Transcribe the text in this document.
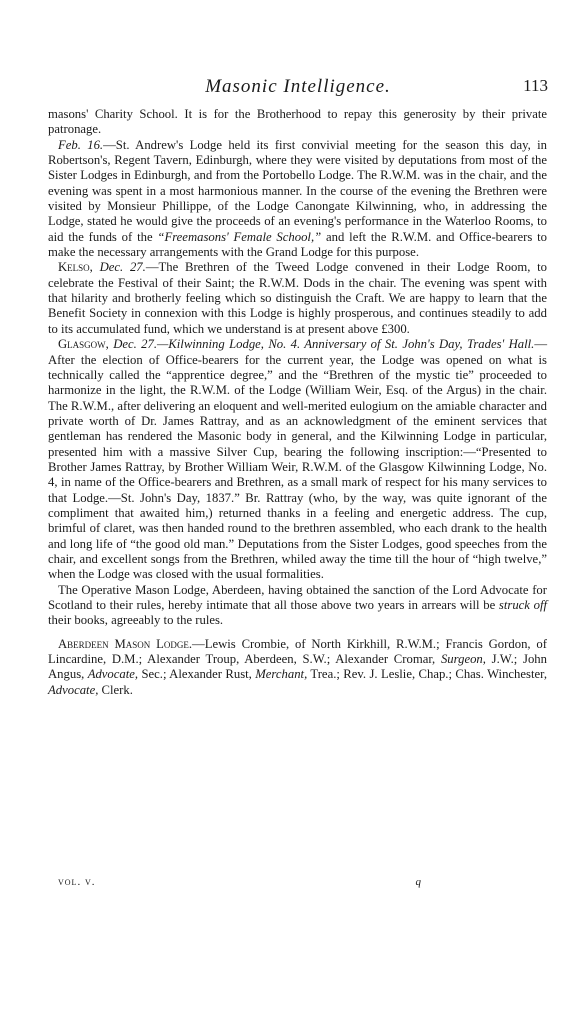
Masonic Intelligence.	113

masons' Charity School. It is for the Brotherhood to repay this generosity by their private patronage.

Feb. 16.—St. Andrew's Lodge held its first convivial meeting for the season this day, in Robertson's, Regent Tavern, Edinburgh, where they were visited by deputations from most of the Sister Lodges in Edinburgh, and from the Portobello Lodge. The R.W.M. was in the chair, and the evening was spent in a most harmonious manner. In the course of the evening the Brethren were visited by Monsieur Phillippe, of the Lodge Canongate Kilwinning, who, in addressing the Lodge, stated he would give the proceeds of an evening's performance in the Waterloo Rooms, to aid the funds of the “Freemasons' Female School,” and left the R.W.M. and Office-bearers to make the necessary arrangements with the Grand Lodge for this purpose.

Kelso, Dec. 27.—The Brethren of the Tweed Lodge convened in their Lodge Room, to celebrate the Festival of their Saint; the R.W.M. Dods in the chair. The evening was spent with that hilarity and brotherly feeling which so distinguish the Craft. We are happy to learn that the Benefit Society in connexion with this Lodge is highly prosperous, and continues steadily to add to its accumulated fund, which we understand is at present above £300.

Glasgow, Dec. 27.—Kilwinning Lodge, No. 4. Anniversary of St. John's Day, Trades' Hall.—After the election of Office-bearers for the current year, the Lodge was opened on what is technically called the “apprentice degree,” and the “Brethren of the mystic tie” proceeded to harmonize in the light, the R.W.M. of the Lodge (William Weir, Esq. of the Argus) in the chair. The R.W.M., after delivering an eloquent and well-merited eulogium on the amiable character and private worth of Dr. James Rattray, and as an acknowledgment of the eminent services that gentleman has rendered the Masonic body in general, and the Kilwinning Lodge in particular, presented him with a massive Silver Cup, bearing the following inscription:—“Presented to Brother James Rattray, by Brother William Weir, R.W.M. of the Glasgow Kilwinning Lodge, No. 4, in name of the Office-bearers and Brethren, as a small mark of respect for his many services to that Lodge.—St. John's Day, 1837.” Br. Rattray (who, by the way, was quite ignorant of the compliment that awaited him,) returned thanks in a feeling and energetic address. The cup, brimful of claret, was then handed round to the brethren assembled, who each drank to the health and long life of “the good old man.” Deputations from the Sister Lodges, good speeches from the chair, and excellent songs from the Brethren, whiled away the time till the hour of “high twelve,” when the Lodge was closed with the usual formalities.

The Operative Mason Lodge, Aberdeen, having obtained the sanction of the Lord Advocate for Scotland to their rules, hereby intimate that all those above two years in arrears will be struck off their books, agreeably to the rules.

Aberdeen Mason Lodge.—Lewis Crombie, of North Kirkhill, R.W.M.; Francis Gordon, of Lincardine, D.M.; Alexander Troup, Aberdeen, S.W.; Alexander Cromar, Surgeon, J.W.; John Angus, Advocate, Sec.; Alexander Rust, Merchant, Trea.; Rev. J. Leslie, Chap.; Chas. Winchester, Advocate, Clerk.

vol. v.	q
